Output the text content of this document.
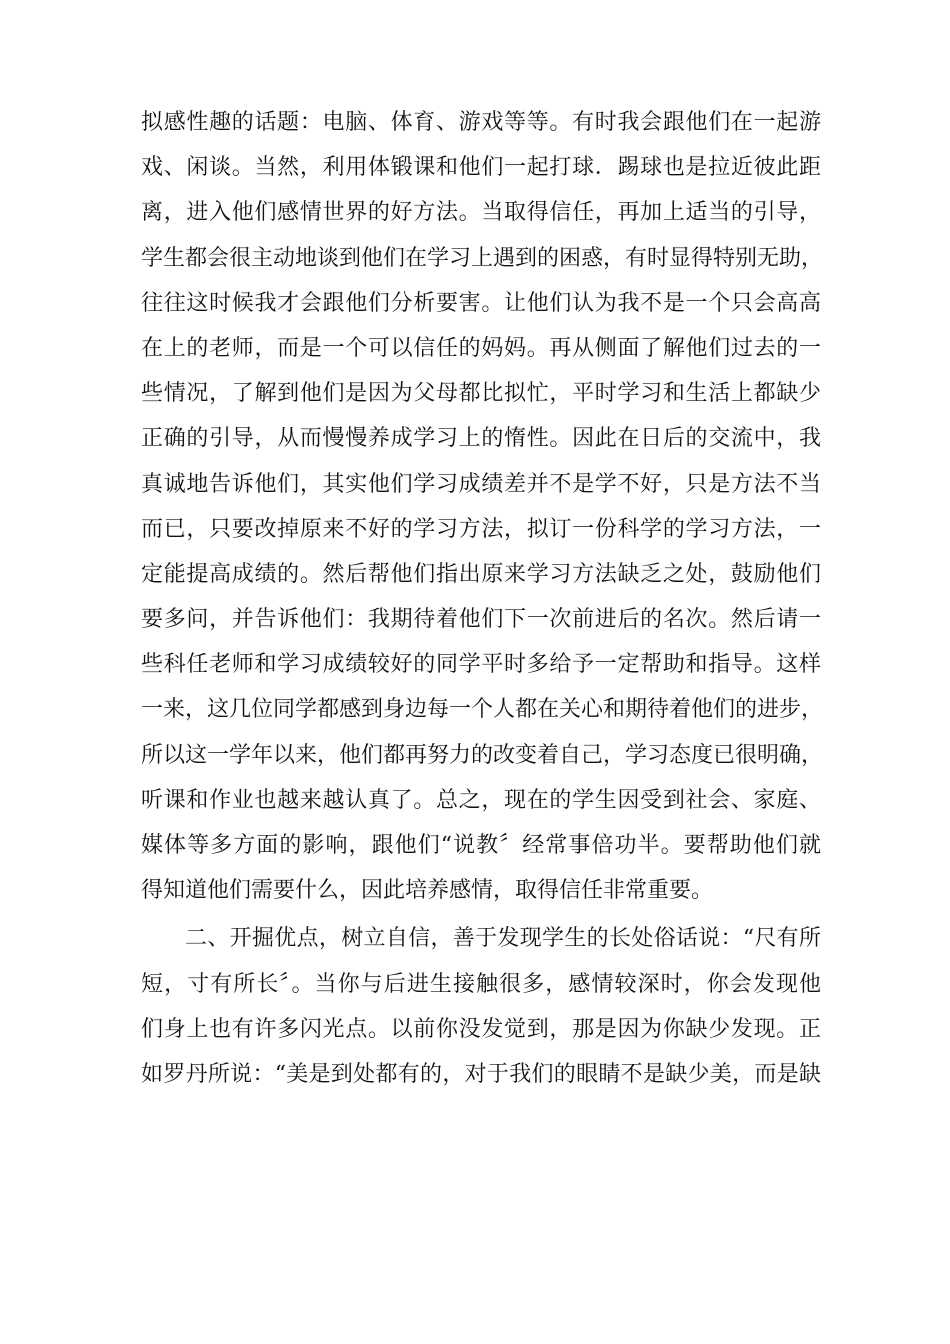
拟感性趣的话题：电脑、体育、游戏等等。有时我会跟他们在一起游
戏、闲谈。当然，利用体锻课和他们一起打球．踢球也是拉近彼此距
离，进入他们感情世界的好方法。当取得信任，再加上适当的引导，
学生都会很主动地谈到他们在学习上遇到的困惑，有时显得特别无助，
往往这时候我才会跟他们分析要害。让他们认为我不是一个只会高高
在上的老师，而是一个可以信任的妈妈。再从侧面了解他们过去的一
些情况，了解到他们是因为父母都比拟忙，平时学习和生活上都缺少
正确的引导，从而慢慢养成学习上的惰性。因此在日后的交流中，我
真诚地告诉他们，其实他们学习成绩差并不是学不好，只是方法不当
而已，只要改掉原来不好的学习方法，拟订一份科学的学习方法，一
定能提高成绩的。然后帮他们指出原来学习方法缺乏之处，鼓励他们
要多问，并告诉他们：我期待着他们下一次前进后的名次。然后请一
些科任老师和学习成绩较好的同学平时多给予一定帮助和指导。这样
一来，这几位同学都感到身边每一个人都在关心和期待着他们的进步，
所以这一学年以来，他们都再努力的改变着自己，学习态度已很明确，
听课和作业也越来越认真了。总之，现在的学生因受到社会、家庭、
媒体等多方面的影响，跟他们“说教〞经常事倍功半。要帮助他们就
得知道他们需要什么，因此培养感情，取得信任非常重要。
二、开掘优点，树立自信，善于发现学生的长处俗话说：“尺有所
短，寸有所长〞。当你与后进生接触很多，感情较深时，你会发现他
们身上也有许多闪光点。以前你没发觉到，那是因为你缺少发现。正
如罗丹所说：“美是到处都有的，对于我们的眼睛不是缺少美，而是缺
